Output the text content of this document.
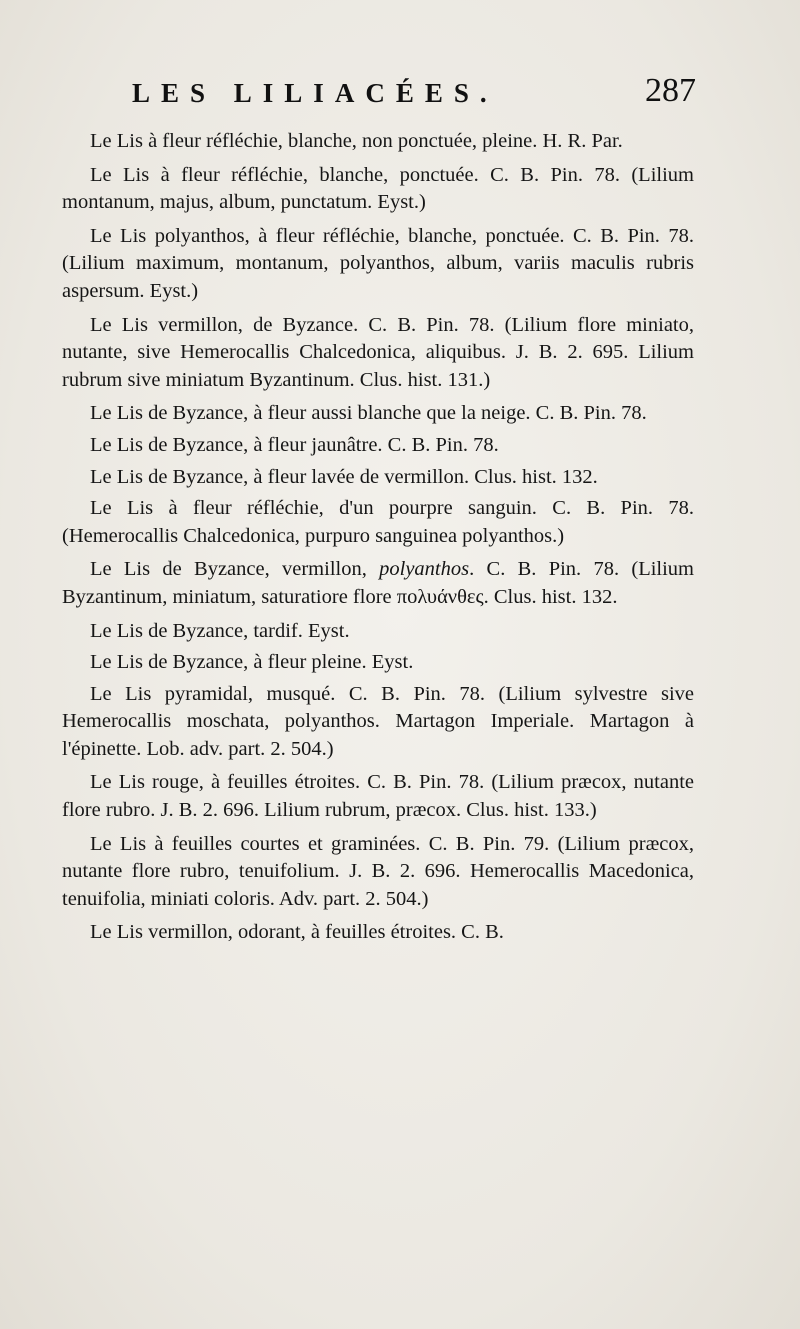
LES LILIACÉES.	287

Le Lis à fleur réfléchie, blanche, non ponctuée, pleine. H. R. Par.

Le Lis à fleur réfléchie, blanche, ponctuée. C. B. Pin. 78. (Lilium montanum, majus, album, punctatum. Eyst.)

Le Lis polyanthos, à fleur réfléchie, blanche, ponctuée. C. B. Pin. 78. (Lilium maximum, montanum, polyanthos, album, variis maculis rubris aspersum. Eyst.)

Le Lis vermillon, de Byzance. C. B. Pin. 78. (Lilium flore miniato, nutante, sive Hemerocallis Chalcedonica, aliquibus. J. B. 2. 695. Lilium rubrum sive miniatum Byzantinum. Clus. hist. 131.)

Le Lis de Byzance, à fleur aussi blanche que la neige. C. B. Pin. 78.

Le Lis de Byzance, à fleur jaunâtre. C. B. Pin. 78.

Le Lis de Byzance, à fleur lavée de vermillon. Clus. hist. 132.

Le Lis à fleur réfléchie, d'un pourpre sanguin. C. B. Pin. 78. (Hemerocallis Chalcedonica, purpuro sanguinea polyanthos.)

Le Lis de Byzance, vermillon, polyanthos. C. B. Pin. 78. (Lilium Byzantinum, miniatum, saturatiore flore πολυάνθες. Clus. hist. 132.

Le Lis de Byzance, tardif. Eyst.

Le Lis de Byzance, à fleur pleine. Eyst.

Le Lis pyramidal, musqué. C. B. Pin. 78. (Lilium sylvestre sive Hemerocallis moschata, polyanthos. Martagon Imperiale. Martagon à l'épinette. Lob. adv. part. 2. 504.)

Le Lis rouge, à feuilles étroites. C. B. Pin. 78. (Lilium præcox, nutante flore rubro. J. B. 2. 696. Lilium rubrum, præcox. Clus. hist. 133.)

Le Lis à feuilles courtes et graminées. C. B. Pin. 79. (Lilium præcox, nutante flore rubro, tenuifolium. J. B. 2. 696. Hemerocallis Macedonica, tenuifolia, miniati coloris. Adv. part. 2. 504.)

Le Lis vermillon, odorant, à feuilles étroites. C. B.
